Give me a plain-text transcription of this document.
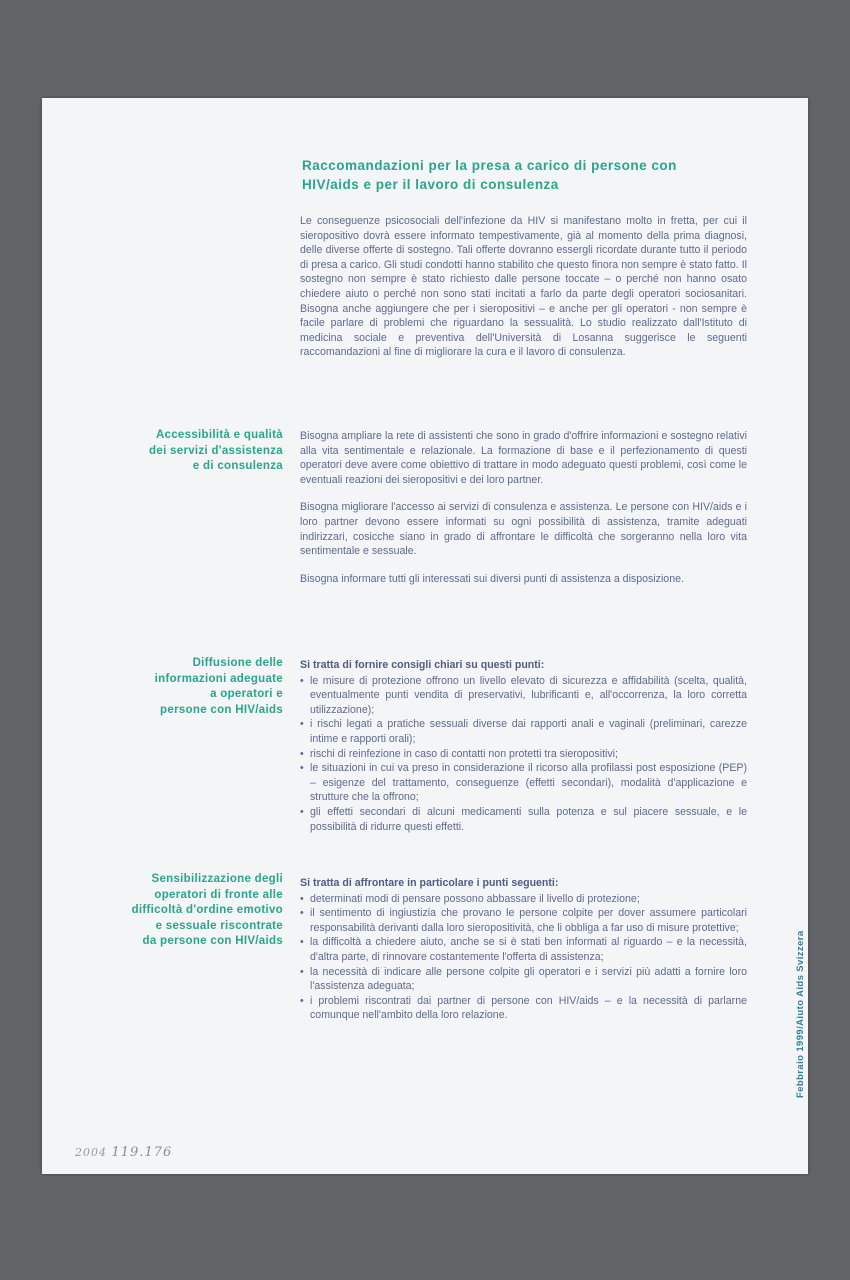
Raccomandazioni per la presa a carico di persone con
HIV/aids e per il lavoro di consulenza

Le conseguenze psicosociali dell'infezione da HIV si manifestano molto in fretta, per cui il sieropositivo dovrà essere informato tempestivamente, già al momento della prima diagnosi, delle diverse offerte di sostegno. Tali offerte dovranno essergli ricordate durante tutto il periodo di presa a carico. Gli studi condotti hanno stabilito che questo finora non sempre è stato fatto. Il sostegno non sempre è stato richiesto dalle persone toccate – o perché non hanno osato chiedere aiuto o perché non sono stati incitati a farlo da parte degli operatori sociosanitari. Bisogna anche aggiungere che per i sieropositivi – e anche per gli operatori - non sempre è facile parlare di problemi che riguardano la sessualità. Lo studio realizzato dall'Istituto di medicina sociale e preventiva dell'Università di Losanna suggerisce le seguenti raccomandazioni al fine di migliorare la cura e il lavoro di consulenza.

Accessibilità e qualità
dei servizi d'assistenza
e di consulenza

Bisogna ampliare la rete di assistenti che sono in grado d'offrire informazioni e sostegno relativi alla vita sentimentale e relazionale. La formazione di base e il perfezionamento di questi operatori deve avere come obiettivo di trattare in modo adeguato questi problemi, così come le eventuali reazioni dei sieropositivi e dei loro partner.

Bisogna migliorare l'accesso ai servizi di consulenza e assistenza. Le persone con HIV/aids e i loro partner devono essere informati su ogni possibilità di assistenza, tramite adeguati indirizzari, cosicche siano in grado di affrontare le difficoltà che sorgeranno nella loro vita sentimentale e sessuale.

Bisogna informare tutti gli interessati sui diversi punti di assistenza a disposizione.

Diffusione delle
informazioni adeguate
a operatori e
persone con HIV/aids
Si tratta di fornire consigli chiari su questi punti:
• le misure di protezione offrono un livello elevato di sicurezza e affidabilità (scelta, qualità, eventualmente punti vendita di preservativi, lubrificanti e, all'occorrenza, la loro corretta utilizzazione);
• i rischi legati a pratiche sessuali diverse dai rapporti anali e vaginali (preliminari, carezze intime e rapporti orali);
• rischi di reinfezione in caso di contatti non protetti tra sieropositivi;
• le situazioni in cui va preso in considerazione il ricorso alla profilassi post esposizione (PEP) – esigenze del trattamento, conseguenze (effetti secondari), modalità d'applicazione e strutture che la offrono;
• gli effetti secondari di alcuni medicamenti sulla potenza e sul piacere sessuale, e le possibilità di ridurre questi effetti.
Sensibilizzazione degli
operatori di fronte alle
difficoltà d'ordine emotivo
e sessuale riscontrate
da persone con HIV/aids
Si tratta di affrontare in particolare i punti seguenti:
• determinati modi di pensare possono abbassare il livello di protezione;
• il sentimento di ingiustizia che provano le persone colpite per dover assumere particolari responsabilità derivanti dalla loro sieropositività, che li obbliga a far uso di misure protettive;
• la difficoltà a chiedere aiuto, anche se si è stati ben informati al riguardo – e la necessità, d'altra parte, di rinnovare costantemente l'offerta di assistenza;
• la necessità di indicare alle persone colpite gli operatori e i servizi più adatti a fornire loro l'assistenza adeguata;
• i problemi riscontrati dai partner di persone con HIV/aids – e la necessità di parlarne comunque nell'ambito della loro relazione.	Febbraio 1999/Aiuto Aids Svizzera
2004 119.176
